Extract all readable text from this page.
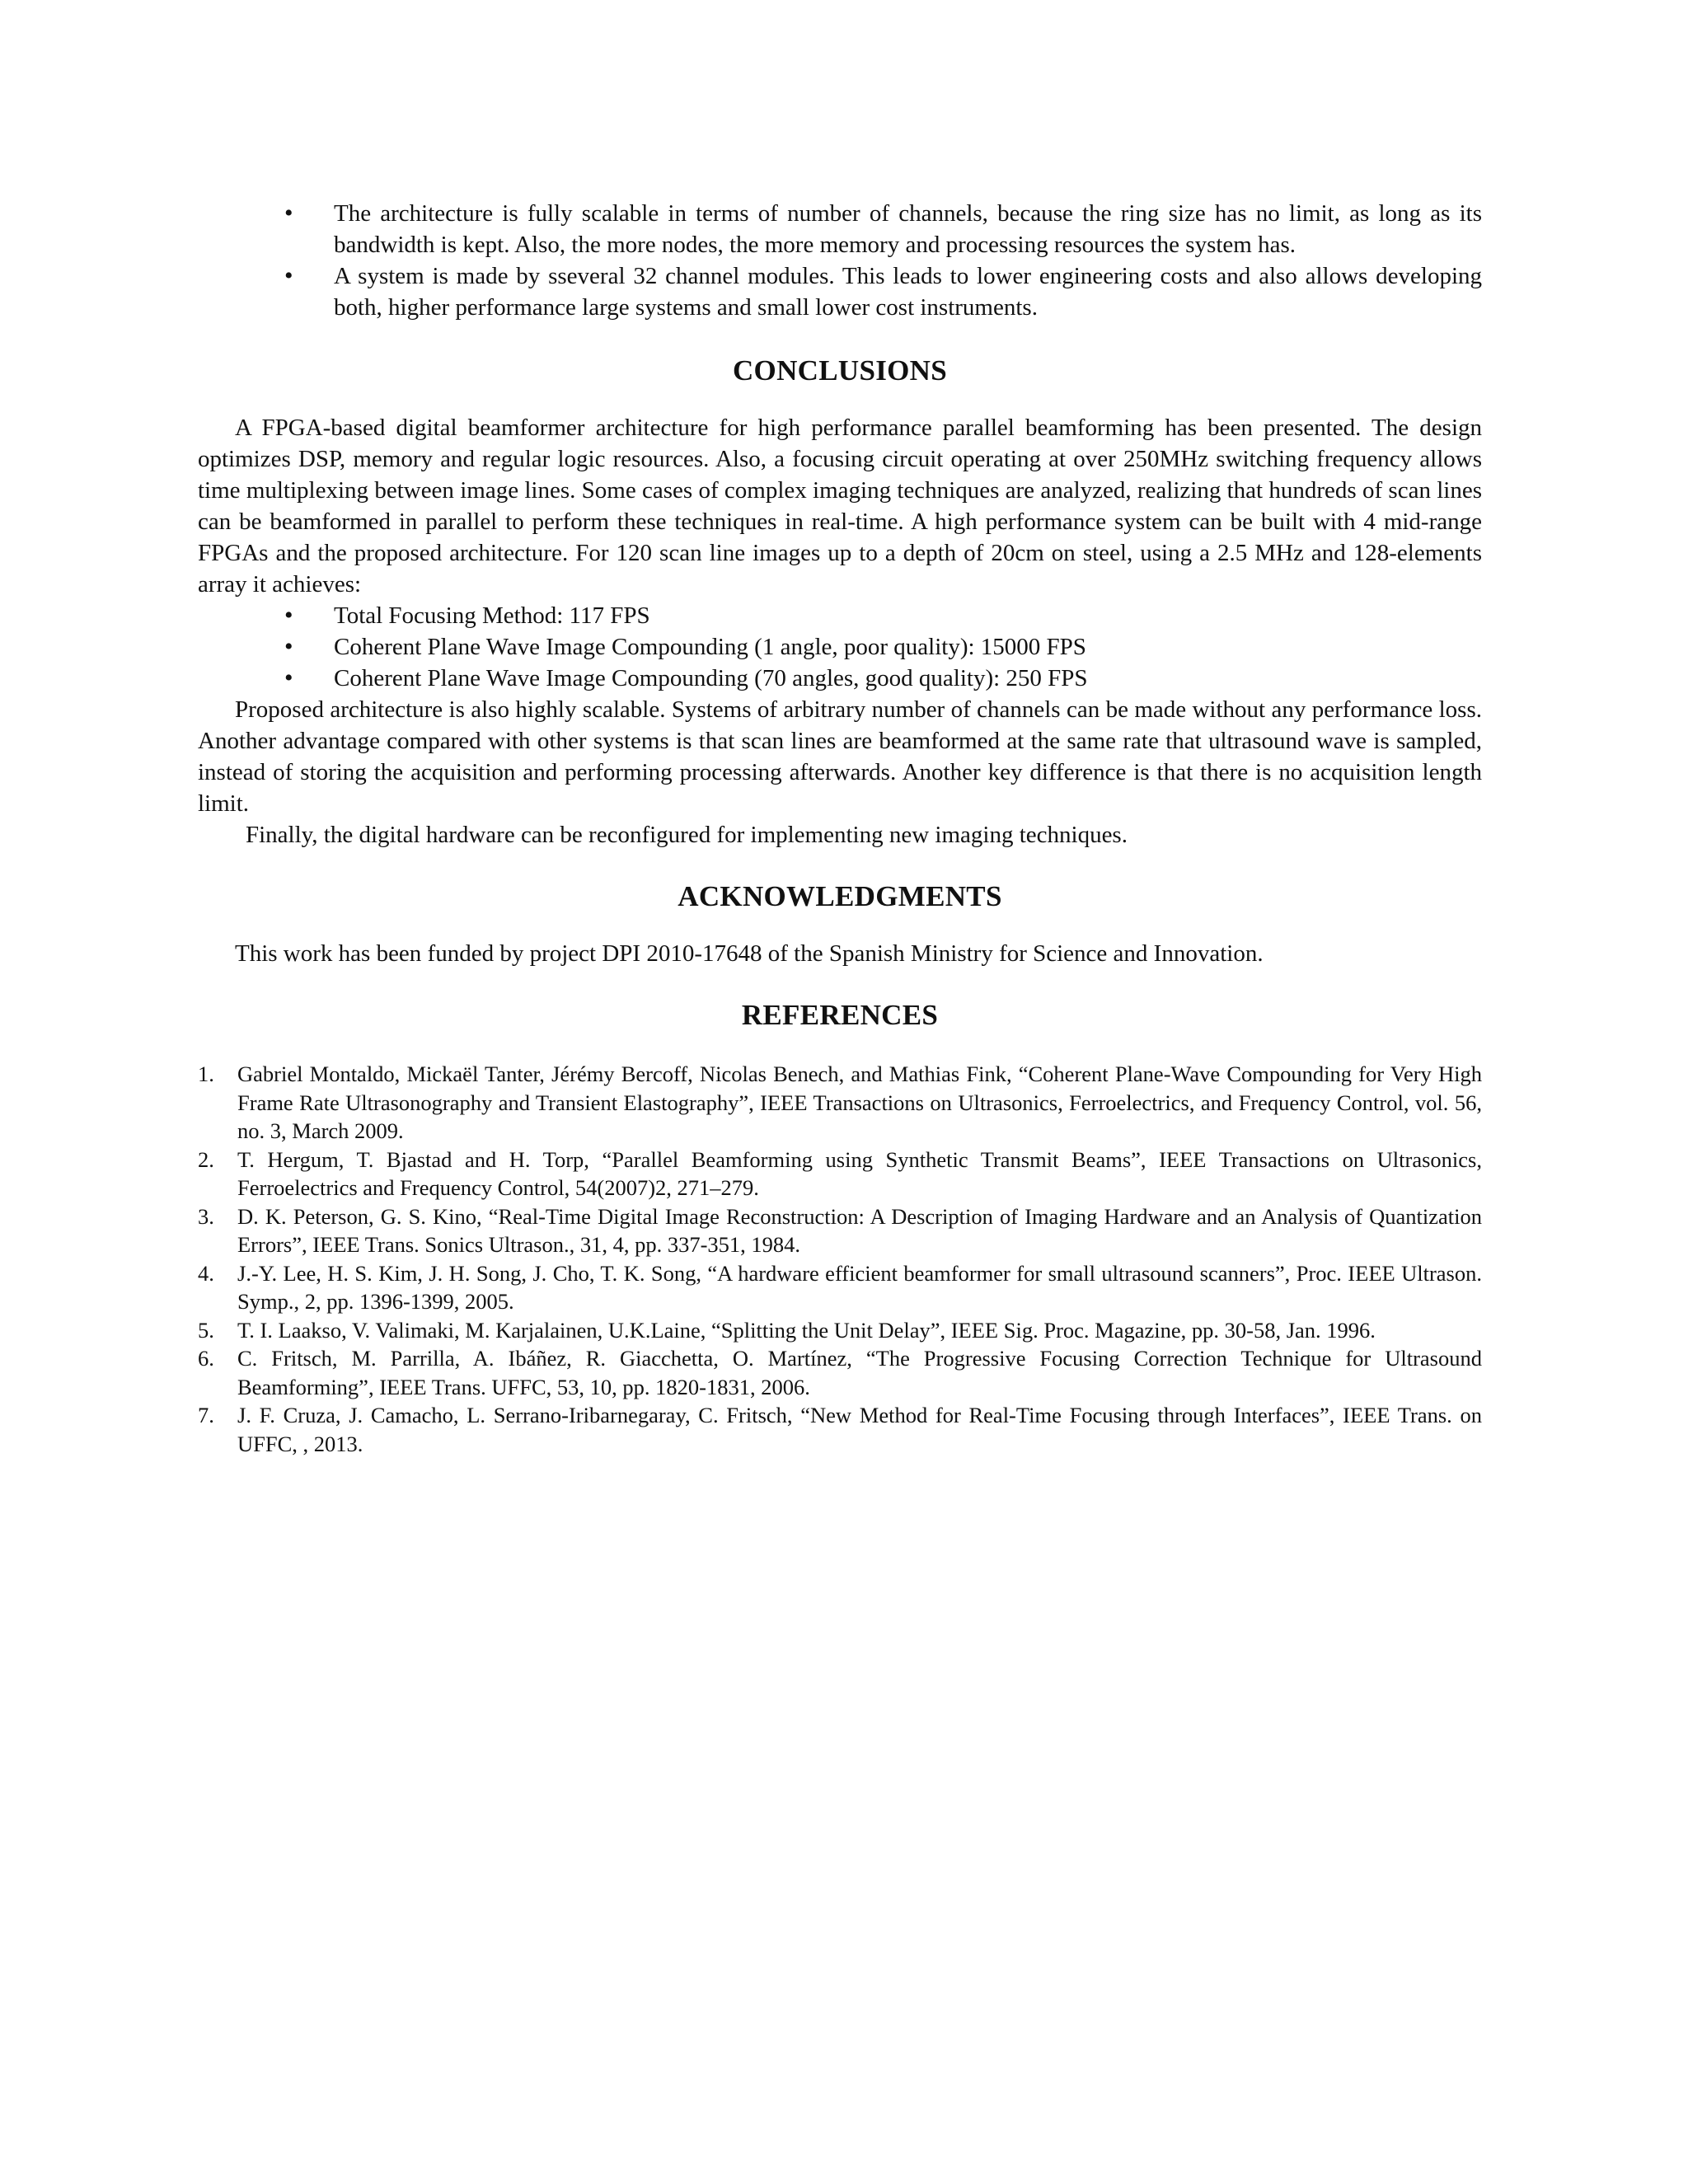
• The architecture is fully scalable in terms of number of channels, because the ring size has no limit, as long as its bandwidth is kept. Also, the more nodes, the more memory and processing resources the system has.
• A system is made by sseveral 32 channel modules. This leads to lower engineering costs and also allows developing both, higher performance large systems and small lower cost instruments.
CONCLUSIONS

A FPGA-based digital beamformer architecture for high performance parallel beamforming has been presented. The design optimizes DSP, memory and regular logic resources. Also, a focusing circuit operating at over 250MHz switching frequency allows time multiplexing between image lines. Some cases of complex imaging techniques are analyzed, realizing that hundreds of scan lines can be beamformed in parallel to perform these techniques in real-time. A high performance system can be built with 4 mid-range FPGAs and the proposed architecture. For 120 scan line images up to a depth of 20cm on steel, using a 2.5 MHz and 128-elements array it achieves:

• Total Focusing Method: 117 FPS
• Coherent Plane Wave Image Compounding (1 angle, poor quality): 15000 FPS
• Coherent Plane Wave Image Compounding (70 angles, good quality): 250 FPS

Proposed architecture is also highly scalable. Systems of arbitrary number of channels can be made without any performance loss. Another advantage compared with other systems is that scan lines are beamformed at the same rate that ultrasound wave is sampled, instead of storing the acquisition and performing processing afterwards. Another key difference is that there is no acquisition length limit.

Finally, the digital hardware can be reconfigured for implementing new imaging techniques.

ACKNOWLEDGMENTS

This work has been funded by project DPI 2010-17648 of the Spanish Ministry for Science and Innovation.

REFERENCES
1. Gabriel Montaldo, Mickaël Tanter, Jérémy Bercoff, Nicolas Benech, and Mathias Fink, “Coherent Plane-Wave Compounding for Very High Frame Rate Ultrasonography and Transient Elastography”, IEEE Transactions on Ultrasonics, Ferroelectrics, and Frequency Control, vol. 56, no. 3, March 2009.
2. T. Hergum, T. Bjastad and H. Torp, “Parallel Beamforming using Synthetic Transmit Beams”, IEEE Transactions on Ultrasonics, Ferroelectrics and Frequency Control, 54(2007)2, 271–279.
3. D. K. Peterson, G. S. Kino, “Real-Time Digital Image Reconstruction: A Description of Imaging Hardware and an Analysis of Quantization Errors”, IEEE Trans. Sonics Ultrason., 31, 4, pp. 337-351, 1984.
4. J.-Y. Lee, H. S. Kim, J. H. Song, J. Cho, T. K. Song, “A hardware efficient beamformer for small ultrasound scanners”, Proc. IEEE Ultrason. Symp., 2, pp. 1396-1399, 2005.
5. T. I. Laakso, V. Valimaki, M. Karjalainen, U.K.Laine, “Splitting the Unit Delay”, IEEE Sig. Proc. Magazine, pp. 30-58, Jan. 1996.
6. C. Fritsch, M. Parrilla, A. Ibáñez, R. Giacchetta, O. Martínez, “The Progressive Focusing Correction Technique for Ultrasound Beamforming”, IEEE Trans. UFFC, 53, 10, pp. 1820-1831, 2006.
7. J. F. Cruza, J. Camacho, L. Serrano-Iribarnegaray, C. Fritsch, “New Method for Real-Time Focusing through Interfaces”, IEEE Trans. on UFFC, , 2013.
